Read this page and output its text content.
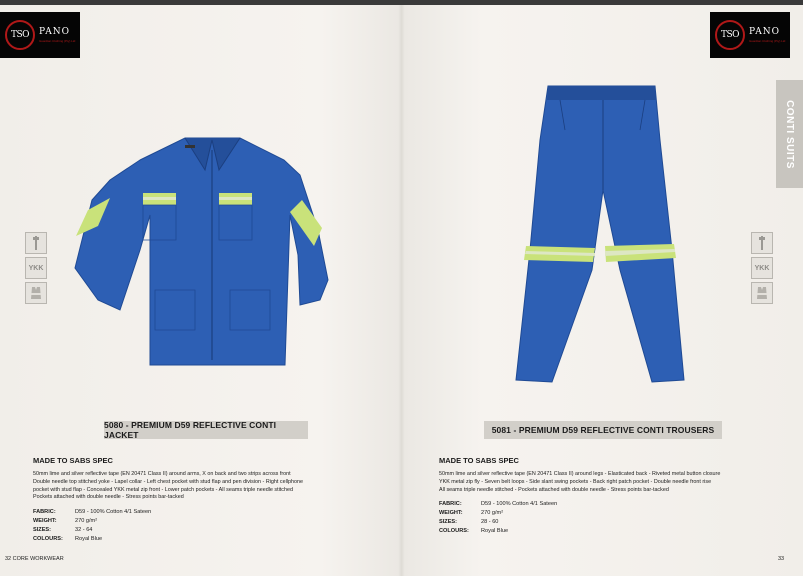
TSO	PANO
Guardian Clothing (Pty) Ltd
YKK
5080 - PREMIUM D59 REFLECTIVE CONTI JACKET
MADE TO SABS SPEC

50mm lime and silver reflective tape (EN 20471 Class II) around arms, X on back and two strips across front

Double needle top stitched yoke - Lapel collar - Left chest pocket with stud flap and pen division - Right cellphone

pocket with stud flap - Concealed YKK metal zip front - Lower patch pockets - All seams triple needle stitched

Pockets attached with double needle - Stress points bar-tacked

FABRIC:	D59 - 100% Cotton 4/1 Sateen
WEIGHT:	270 g/m²
SIZES:	32 - 64
COLOURS:	Royal Blue
32 CORE WORKWEAR
TSO	PANO
Guardian Clothing (Pty) Ltd
CONTI SUITS
YKK
5081 - PREMIUM D59 REFLECTIVE CONTI TROUSERS
MADE TO SABS SPEC

50mm lime and silver reflective tape (EN 20471 Class II) around legs - Elasticated back - Riveted metal button closure

YKK metal zip fly - Seven belt loops - Side slant swing pockets - Back right patch pocket - Double needle front rise

All seams triple needle stitched - Pockets attached with double needle - Stress points bar-tacked

FABRIC:	D59 - 100% Cotton 4/1 Sateen
WEIGHT:	270 g/m²
SIZES:	28 - 60
COLOURS:	Royal Blue
33
